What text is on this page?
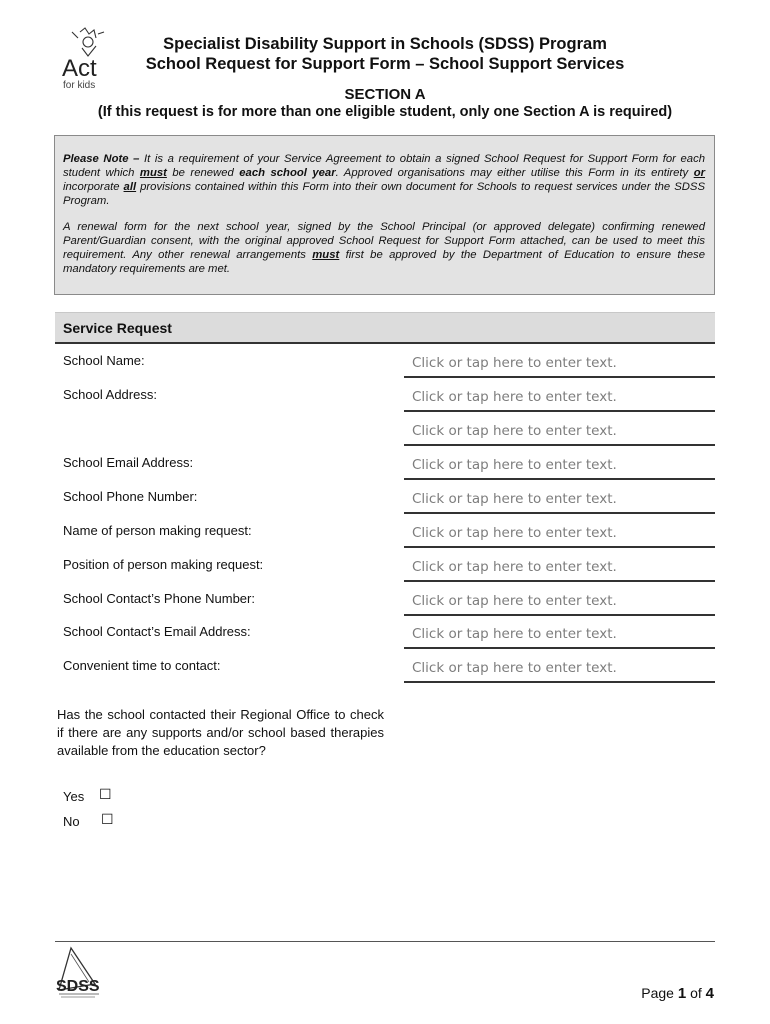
Act
for kids
Specialist Disability Support in Schools (SDSS) Program
School Request for Support Form – School Support Services
SECTION A
(If this request is for more than one eligible student, only one Section A is required)

Please Note – It is a requirement of your Service Agreement to obtain a signed School Request for Support Form for each student which must be renewed each school year. Approved organisations may either utilise this Form in its entirety or incorporate all provisions contained within this Form into their own document for Schools to request services under the SDSS Program.

A renewal form for the next school year, signed by the School Principal (or approved delegate) confirming renewed Parent/Guardian consent, with the original approved School Request for Support Form attached, can be used to meet this requirement. Any other renewal arrangements must first be approved by the Department of Education to ensure these mandatory requirements are met.

Service Request
School Name:	Click or tap here to enter text.
School Address:	Click or tap here to enter text.
Click or tap here to enter text.
School Email Address:	Click or tap here to enter text.
School Phone Number:	Click or tap here to enter text.
Name of person making request:	Click or tap here to enter text.
Position of person making request:	Click or tap here to enter text.
School Contact’s Phone Number:	Click or tap here to enter text.
School Contact’s Email Address:	Click or tap here to enter text.
Convenient time to contact:	Click or tap here to enter text.
Has the school contacted their Regional Office to check if there are any supports and/or school based therapies available from the education sector?
Yes ☐
No ☐
SDSS	Page 1 of 4
